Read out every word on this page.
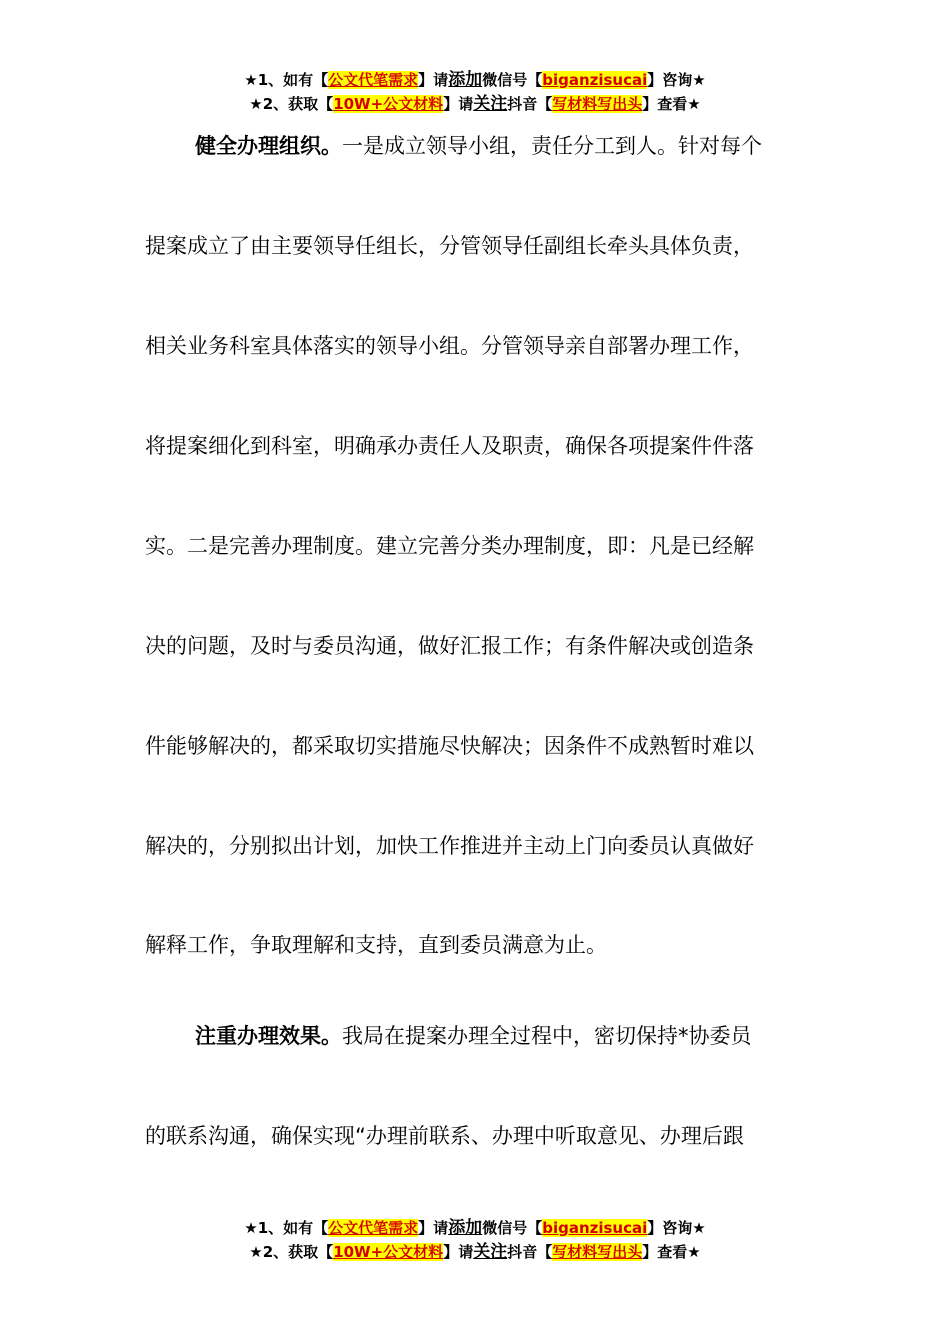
★1、如有【公文代笔需求】请添加微信号【biganzisucai】咨询★
★2、获取【10W+公文材料】请关注抖音【写材料写出头】查看★
健全办理组织。一是成立领导小组，责任分工到人。针对每个
提案成立了由主要领导任组长，分管领导任副组长牵头具体负责，
相关业务科室具体落实的领导小组。分管领导亲自部署办理工作，
将提案细化到科室，明确承办责任人及职责，确保各项提案件件落
实。二是完善办理制度。建立完善分类办理制度，即：凡是已经解
决的问题，及时与委员沟通，做好汇报工作；有条件解决或创造条
件能够解决的，都采取切实措施尽快解决；因条件不成熟暂时难以
解决的，分别拟出计划，加快工作推进并主动上门向委员认真做好
解释工作，争取理解和支持，直到委员满意为止。
注重办理效果。我局在提案办理全过程中，密切保持*协委员
的联系沟通，确保实现“办理前联系、办理中听取意见、办理后跟
★1、如有【公文代笔需求】请添加微信号【biganzisucai】咨询★
★2、获取【10W+公文材料】请关注抖音【写材料写出头】查看★
